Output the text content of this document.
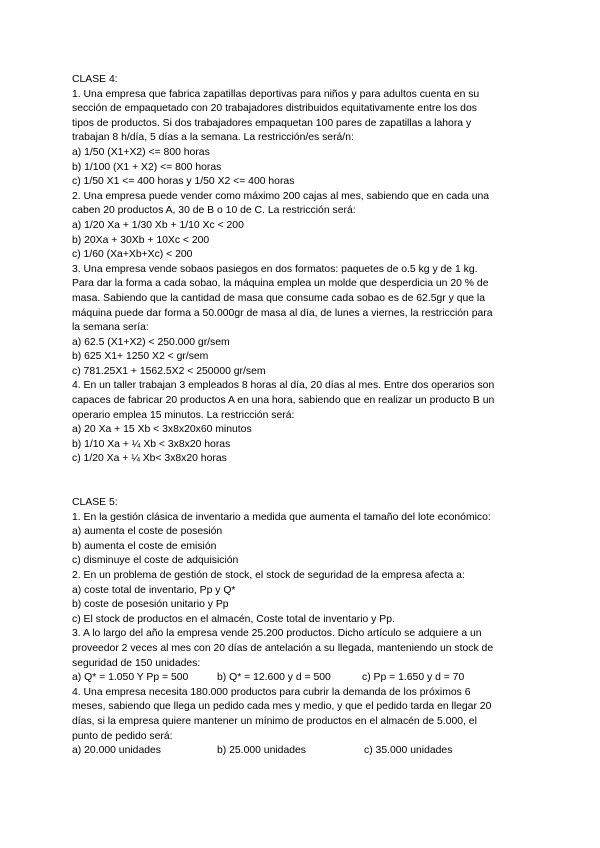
CLASE 4:
1. Una empresa que fabrica zapatillas deportivas para niños y para adultos cuenta en su
sección de empaquetado con 20 trabajadores distribuidos equitativamente entre los dos
tipos de productos. Si dos trabajadores empaquetan 100 pares de zapatillas a lahora y
trabajan 8 h/día, 5 días a la semana. La restricción/es será/n:
a) 1/50 (X1+X2) <= 800 horas
b) 1/100 (X1 + X2) <= 800 horas
c) 1/50 X1 <= 400 horas y 1/50 X2 <= 400 horas
2. Una empresa puede vender como máximo 200 cajas al mes, sabiendo que en cada una
caben 20 productos A, 30 de B o 10 de C. La restricción será:
a) 1/20 Xa + 1/30 Xb + 1/10 Xc < 200
b) 20Xa + 30Xb + 10Xc < 200
c) 1/60 (Xa+Xb+Xc) < 200
3. Una empresa vende sobaos pasiegos en dos formatos: paquetes de o.5 kg y de 1 kg.
Para dar la forma a cada sobao, la máquina emplea un molde que desperdicia un 20 % de
masa. Sabiendo que la cantidad de masa que consume cada sobao es de 62.5gr y que la
máquina puede dar forma a 50.000gr de masa al día, de lunes a viernes, la restricción para
la semana sería:
a) 62.5 (X1+X2) < 250.000 gr/sem
b) 625 X1+ 1250 X2 < gr/sem
c) 781.25X1 + 1562.5X2 < 250000 gr/sem
4. En un taller trabajan 3 empleados 8 horas al día, 20 días al mes. Entre dos operarios son
capaces de fabricar 20 productos A en una hora, sabiendo que en realizar un producto B un
operario emplea 15 minutos. La restricción será:
a) 20 Xa + 15 Xb < 3x8x20x60 minutos
b) 1/10 Xa + ¼ Xb < 3x8x20 horas
c) 1/20 Xa + ¼ Xb< 3x8x20 horas
CLASE 5:
1. En la gestión clásica de inventario a medida que aumenta el tamaño del lote económico:
a) aumenta el coste de posesión
b) aumenta el coste de emisión
c) disminuye el coste de adquisición
2. En un problema de gestión de stock, el stock de seguridad de la empresa afecta a:
a) coste total de inventario, Pp y Q*
b) coste de posesión unitario y Pp
c) El stock de productos en el almacén, Coste total de inventario y Pp.
3. A lo largo del año la empresa vende 25.200 productos. Dicho artículo se adquiere a un
proveedor 2 veces al mes con 20 días de antelación a su llegada, manteniendo un stock de
seguridad de 150 unidades:
a) Q* = 1.050 Y Pp = 500	b) Q* = 12.600 y d = 500	c) Pp = 1.650 y d = 70
4. Una empresa necesita 180.000 productos para cubrir la demanda de los próximos 6
meses, sabiendo que llega un pedido cada mes y medio, y que el pedido tarda en llegar 20
días, si la empresa quiere mantener un mínimo de productos en el almacén de 5.000, el
punto de pedido será:
a) 20.000 unidades	b) 25.000 unidades	c) 35.000 unidades
